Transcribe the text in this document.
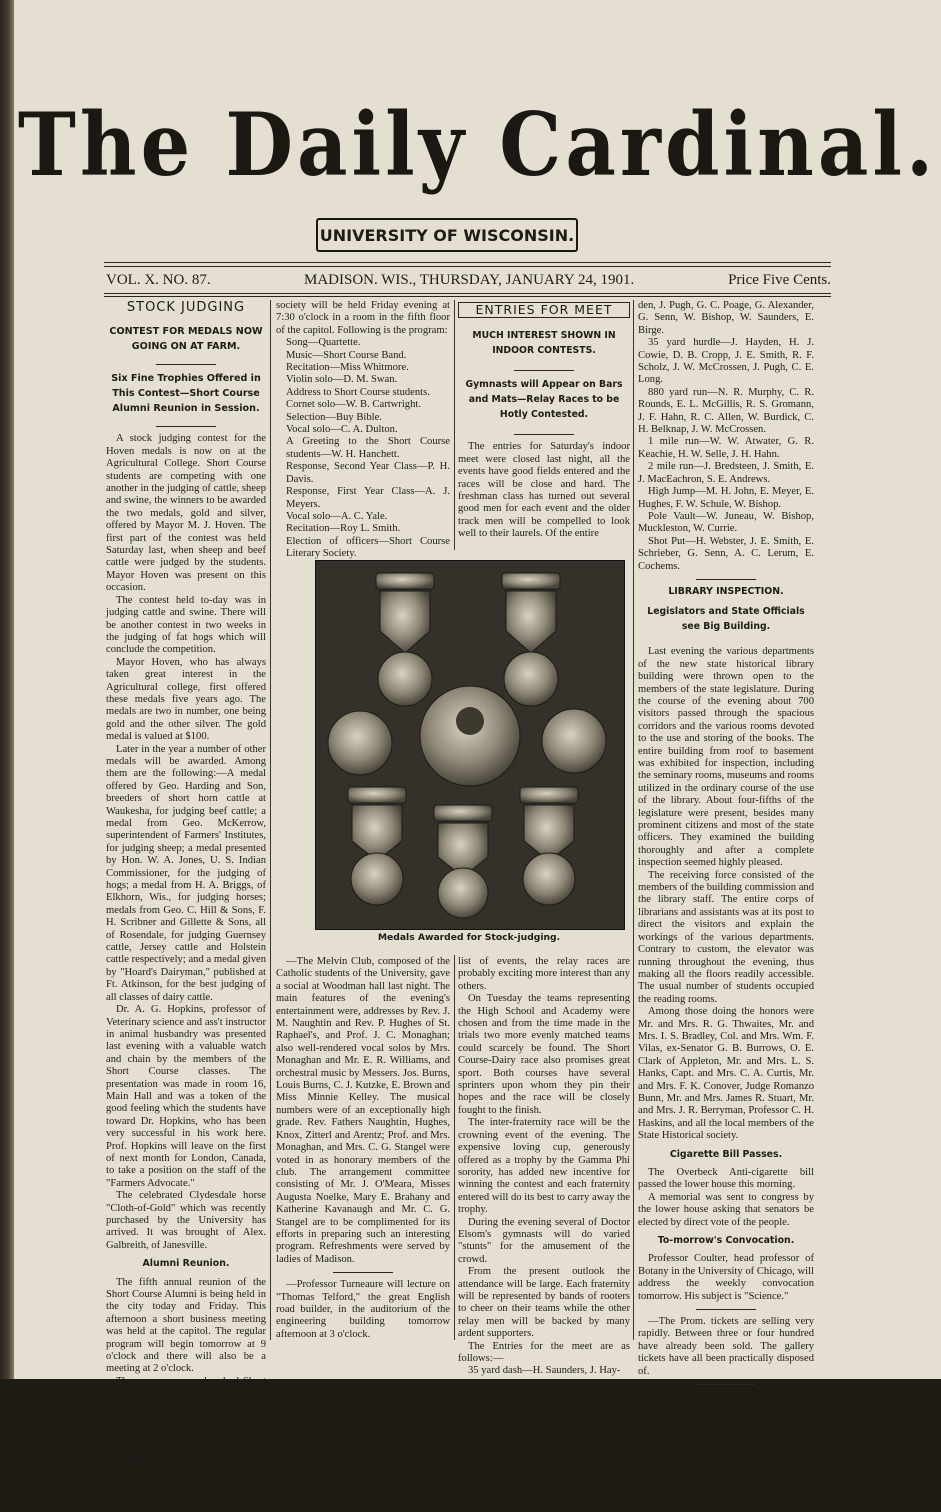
The Daily Cardinal.
UNIVERSITY OF WISCONSIN.
VOL. X. NO. 87.	MADISON. WIS., THURSDAY, JANUARY 24, 1901.	Price Five Cents.
STOCK JUDGING
CONTEST FOR MEDALS NOW GOING ON AT FARM.
Six Fine Trophies Offered in This Contest—Short Course Alumni Reunion in Session.

A stock judging contest for the Hoven medals is now on at the Agricultural College. Short Course students are competing with one another in the judging of cattle, sheep and swine, the winners to be awarded the two medals, gold and silver, offered by Mayor M. J. Hoven. The first part of the contest was held Saturday last, when sheep and beef cattle were judged by the students. Mayor Hoven was present on this occasion.

The contest held to-day was in judging cattle and swine. There will be another contest in two weeks in the judging of fat hogs which will conclude the competition.

Mayor Hoven, who has always taken great interest in the Agricultural college, first offered these medals five years ago. The medals are two in number, one being gold and the other silver. The gold medal is valued at $100.

Later in the year a number of other medals will be awarded. Among them are the following:—A medal offered by Geo. Harding and Son, breeders of short horn cattle at Waukesha, for judging beef cattle; a medal from Geo. McKerrow, superintendent of Farmers' Institutes, for judging sheep; a medal presented by Hon. W. A. Jones, U. S. Indian Commissioner, for the judging of hogs; a medal from H. A. Briggs, of Elkhorn, Wis., for judging horses; medals from Geo. C. Hill & Sons, F. H. Scribner and Gillette & Sons, all of Rosendale, for judging Guernsey cattle, Jersey cattle and Holstein cattle respectively; and a medal given by "Hoard's Dairyman," published at Ft. Atkinson, for the best judging of all classes of dairy cattle.

Dr. A. G. Hopkins, professor of Veterinary science and ass't instructor in animal husbandry was presented last evening with a valuable watch and chain by the members of the Short Course classes. The presentation was made in room 16, Main Hall and was a token of the good feeling which the students have toward Dr. Hopkins, who has been very successful in his work here. Prof. Hopkins will leave on the first of next month for London, Canada, to take a position on the staff of the "Farmers Advocate."

The celebrated Clydesdale horse "Cloth-of-Gold" which was recently purchased by the University has arrived. It was brought of Alex. Galbreith, of Janesville.

Alumni Reunion.

The fifth annual reunion of the Short Course Alumni is being held in the city today and Friday. This afternoon a short business meeting was held at the capitol. The regular program will begin tomorrow at 9 o'clock and there will also be a meeting at 2 o'clock.

There are over one hundred Short Course alumni here from all parts of the state. Tomorrow all work in the Agricultural College will be dispensed with so that all students may attend the meetings.

Joint Literary Meeting.

A joint meeting of the Short Course Alumni and the Short Course Literary

society will be held Friday evening at 7:30 o'clock in a room in the fifth floor of the capitol. Following is the program:

Song—Quartette.
Music—Short Course Band.
Recitation—Miss Whitmore.
Violin solo—D. M. Swan.
Address to Short Course students.
Cornet solo—W. B. Cartwright.
Selection—Buy Bible.
Vocal solo—C. A. Dulton.
A Greeting to the Short Course students—W. H. Hanchett.
Response, Second Year Class—P. H. Davis.
Response, First Year Class—A. J. Meyers.
Vocal solo—A. C. Yale.
Recitation—Roy L. Smith.
Election of officers—Short Course Literary Society.
ENTRIES FOR MEET
MUCH INTEREST SHOWN IN INDOOR CONTESTS.
Gymnasts will Appear on Bars and Mats—Relay Races to be Hotly Contested.

The entries for Saturday's indoor meet were closed last night, all the events have good fields entered and the races will be close and hard. The freshman class has turned out several good men for each event and the older track men will be compelled to look well to their laurels. Of the entire

Medals Awarded for Stock-judging.

—The Melvin Club, composed of the Catholic students of the University, gave a social at Woodman hall last night. The main features of the evening's entertainment were, addresses by Rev. J. M. Naughtin and Rev. P. Hughes of St. Raphael's, and Prof. J. C. Monaghan; also well-rendered vocal solos by Mrs. Monaghan and Mr. E. R. Williams, and orchestral music by Messers. Jos. Burns, Louis Burns, C. J. Kutzke, E. Brown and Miss Minnie Kelley. The musical numbers were of an exceptionally high grade. Rev. Fathers Naughtin, Hughes, Knox, Zitterl and Arentz; Prof. and Mrs. Monaghan, and Mrs. C. G. Stangel were voted in as honorary members of the club. The arrangement committee consisting of Mr. J. O'Meara, Misses Augusta Noelke, Mary E. Brahany and Katherine Kavanaugh and Mr. C. G. Stangel are to be complimented for its efforts in preparing such an interesting program. Refreshments were served by ladies of Madison.

—Professor Turneaure will lecture on "Thomas Telford," the great English road builder, in the auditorium of the engineering building tomorrow afternoon at 3 o'clock.

list of events, the relay races are probably exciting more interest than any others.

On Tuesday the teams representing the High School and Academy were chosen and from the time made in the trials two more evenly matched teams could scarcely be found. The Short Course-Dairy race also promises great sport. Both courses have several sprinters upon whom they pin their hopes and the race will be closely fought to the finish.

The inter-fraternity race will be the crowning event of the evening. The expensive loving cup, generously offered as a trophy by the Gamma Phi sorority, has added new incentive for winning the contest and each fraternity entered will do its best to carry away the trophy.

During the evening several of Doctor Elsom's gymnasts will do varied "stunts" for the amusement of the crowd.

From the present outlook the attendance will be large. Each fraternity will be represented by bands of rooters to cheer on their teams while the other relay men will be backed by many ardent supporters.

The Entries for the meet are as follows:—

35 yard dash—H. Saunders, J. Hay-

den, J. Pugh, G. C. Poage, G. Alexander, G. Senn, W. Bishop, W. Saunders, E. Birge.

35 yard hurdle—J. Hayden, H. J. Cowie, D. B. Cropp, J. E. Smith, R. F. Scholz, J. W. McCrossen, J. Pugh, C. E. Long.

880 yard run—N. R. Murphy, C. R. Rounds, E. L. McGillis, R. S. Gromann, J. F. Hahn, R. C. Allen, W. Burdick, C. H. Belknap, J. W. McCrossen.

1 mile run—W. W. Atwater, G. R. Keachie, H. W. Selle, J. H. Hahn.

2 mile run—J. Bredsteen, J. Smith, E. J. MacEachron, S. E. Andrews.

High Jump—M. H. John, E. Meyer, E. Hughes, F. W. Schule, W. Bishop.

Pole Vault—W. Juneau, W. Bishop, Muckleston, W. Currie.

Shot Put—H. Webster, J. E. Smith, E. Schrieber, G. Senn, A. C. Lerum, E. Cochems.

LIBRARY INSPECTION.
Legislators and State Officials see Big Building.

Last evening the various departments of the new state historical library building were thrown open to the members of the state legislature. During the course of the evening about 700 visitors passed through the spacious corridors and the various rooms devoted to the use and storing of the books. The entire building from roof to basement was exhibited for inspection, including the seminary rooms, museums and rooms utilized in the ordinary course of the use of the library. About four-fifths of the legislature were present, besides many prominent citizens and most of the state officers. They examined the building thoroughly and after a complete inspection seemed highly pleased.

The receiving force consisted of the members of the building commission and the library staff. The entire corps of librarians and assistants was at its post to direct the visitors and explain the workings of the various departments. Contrary to custom, the elevator was running throughout the evening, thus making all the floors readily accessible. The usual number of students occupied the reading rooms.

Among those doing the honors were Mr. and Mrs. R. G. Thwaites, Mr. and Mrs. I. S. Bradley, Col. and Mrs. Wm. F. Vilas, ex-Senator G. B. Burrows, O. E. Clark of Appleton, Mr. and Mrs. L. S. Hanks, Capt. and Mrs. C. A. Curtis, Mr. and Mrs. F. K. Conover, Judge Romanzo Bunn, Mr. and Mrs. James R. Stuart, Mr. and Mrs. J. R. Berryman, Professor C. H. Haskins, and all the local members of the State Historical society.

Cigarette Bill Passes.

The Overbeck Anti-cigarette bill passed the lower house this morning.

A memorial was sent to congress by the lower house asking that senators be elected by direct vote of the people.

To-morrow's Convocation.

Professor Coulter, head professor of Botany in the University of Chicago, will address the weekly convocation tomorrow. His subject is "Science."

—The Prom. tickets are selling very rapidly. Between three or four hundred have already been sold. The gallery tickets have all been practically disposed of.

—J. W. Schuster has entered upon his duties as fellow in Electrical Engineering.
